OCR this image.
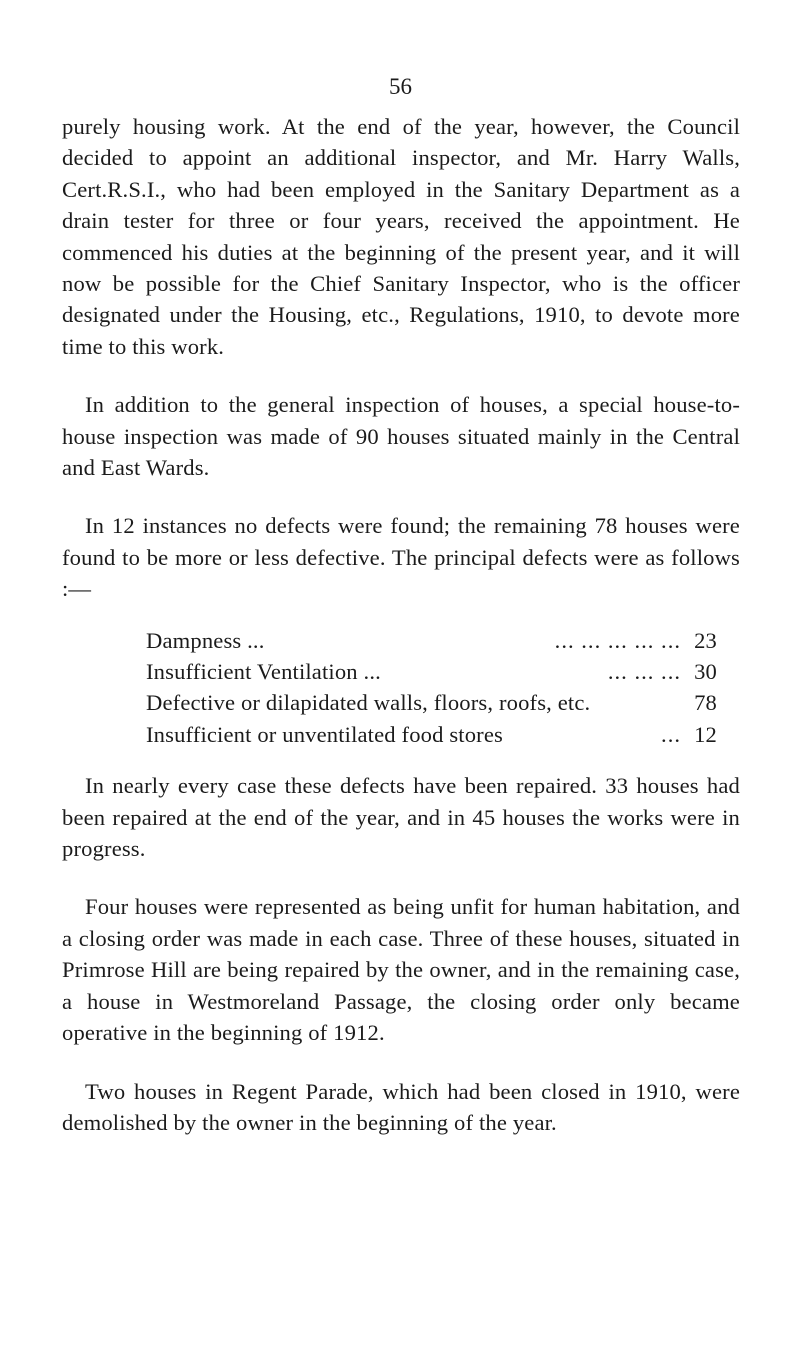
56

purely housing work. At the end of the year, however, the Council decided to appoint an additional inspector, and Mr. Harry Walls, Cert.R.S.I., who had been employed in the Sanitary Department as a drain tester for three or four years, received the appointment. He commenced his duties at the beginning of the present year, and it will now be possible for the Chief Sanitary Inspector, who is the officer designated under the Housing, etc., Regulations, 1910, to devote more time to this work.

In addition to the general inspection of houses, a special house-to-house inspection was made of 90 houses situated mainly in the Central and East Wards.

In 12 instances no defects were found; the remaining 78 houses were found to be more or less defective. The principal defects were as follows :—

Dampness ...	... ... ... ... ... 23
Insufficient Ventilation ...	... ... ... 30
Defective or dilapidated walls, floors, roofs, etc.	78
Insufficient or unventilated food stores	... 12

In nearly every case these defects have been repaired. 33 houses had been repaired at the end of the year, and in 45 houses the works were in progress.

Four houses were represented as being unfit for human habitation, and a closing order was made in each case. Three of these houses, situated in Primrose Hill are being repaired by the owner, and in the remaining case, a house in Westmoreland Passage, the closing order only became operative in the beginning of 1912.

Two houses in Regent Parade, which had been closed in 1910, were demolished by the owner in the beginning of the year.
